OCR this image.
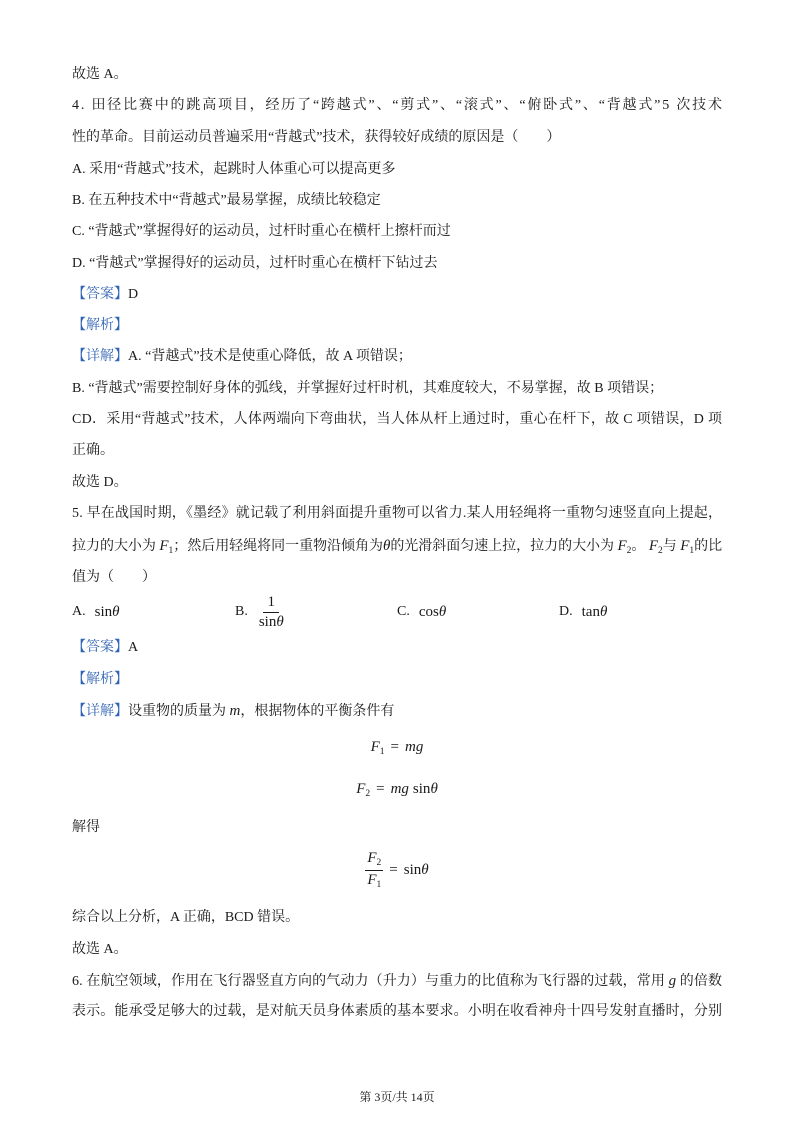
故选 A。
4. 田径比赛中的跳高项目，经历了“跨越式”、“剪式”、“滚式”、“俯卧式”、“背越式”5 次技术
性的革命。目前运动员普遍采用“背越式”技术，获得较好成绩的原因是（　　）
A. 采用“背越式”技术，起跳时人体重心可以提高更多
B. 在五种技术中“背越式”最易掌握，成绩比较稳定
C. “背越式”掌握得好的运动员，过杆时重心在横杆上擦杆而过
D. “背越式”掌握得好的运动员，过杆时重心在横杆下钻过去
【答案】D
【解析】
【详解】A. “背越式”技术是使重心降低，故 A 项错误；
B. “背越式”需要控制好身体的弧线，并掌握好过杆时机，其难度较大，不易掌握，故 B 项错误；
CD．采用“背越式”技术，人体两端向下弯曲状，当人体从杆上通过时，重心在杆下，故 C 项错误，D 项
正确。
故选 D。
5. 早在战国时期，《墨经》就记载了利用斜面提升重物可以省力.某人用轻绳将一重物匀速竖直向上提起，
拉力的大小为 $F_1$；然后用轻绳将同一重物沿倾角为θ的光滑斜面匀速上拉，拉力的大小为 $F_2$。 $F_2$与 $F_1$的比
值为（　　）
A. sin θ	B. $\frac{1}{\sin\theta}$	C. cos θ	D. tan θ
【答案】A
【解析】
【详解】设重物的质量为 m，根据物体的平衡条件有
$F_1$ = mg
$F_2$ = mg sinθ
解得
$\frac{F_2}{F_1} = \sin \theta$
综合以上分析，A 正确，BCD 错误。
故选 A。
6. 在航空领域，作用在飞行器竖直方向的气动力（升力）与重力的比值称为飞行器的过载，常用 g 的倍数
表示。能承受足够大的过载，是对航天员身体素质的基本要求。小明在收看神舟十四号发射直播时，分别
第 3页/共 14页
